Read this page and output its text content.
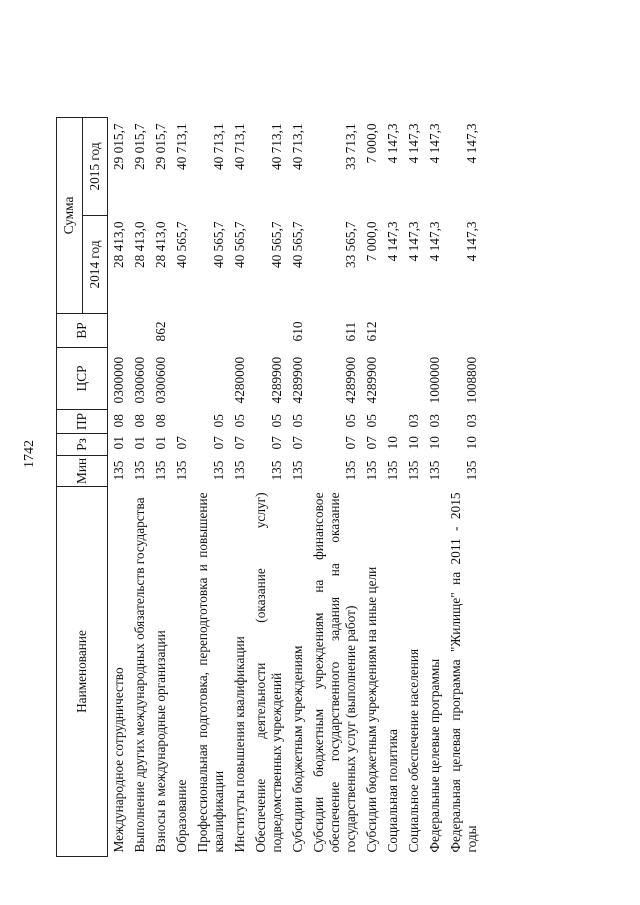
1742
Наименование	Мин	Рз	ПР	ЦСР	ВР	Сумма	
						2014 год	2015 год
Международное сотрудничество	135	01	08	0300000		28 413,0	29 015,7
Выполнение других международных обязательств государства	135	01	08	0300600		28 413,0	29 015,7
Взносы в международные организации	135	01	08	0300600	862	28 413,0	29 015,7
Образование	135	07				40 565,7	40 713,1
Профессиональная подготовка, переподготовка и повышение квалификации	135	07	05			40 565,7	40 713,1
Институты повышения квалификации	135	07	05	4280000		40 565,7	40 713,1
Обеспечение деятельности (оказание услуг) подведомственных учреждений	135	07	05	4289900		40 565,7	40 713,1
Субсидии бюджетным учреждениям	135	07	05	4289900	610	40 565,7	40 713,1
Субсидии бюджетным учреждениям на финансовое обеспечение государственного задания на оказание государственных услуг (выполнение работ)	135	07	05	4289900	611	33 565,7	33 713,1
Субсидии бюджетным учреждениям на иные цели	135	07	05	4289900	612	7 000,0	7 000,0
Социальная политика	135	10				4 147,3	4 147,3
Социальное обеспечение населения	135	10	03			4 147,3	4 147,3
Федеральные целевые программы	135	10	03	1000000		4 147,3	4 147,3
Федеральная целевая программа "Жилище" на 2011 - 2015 годы	135	10	03	1008800		4 147,3	4 147,3
